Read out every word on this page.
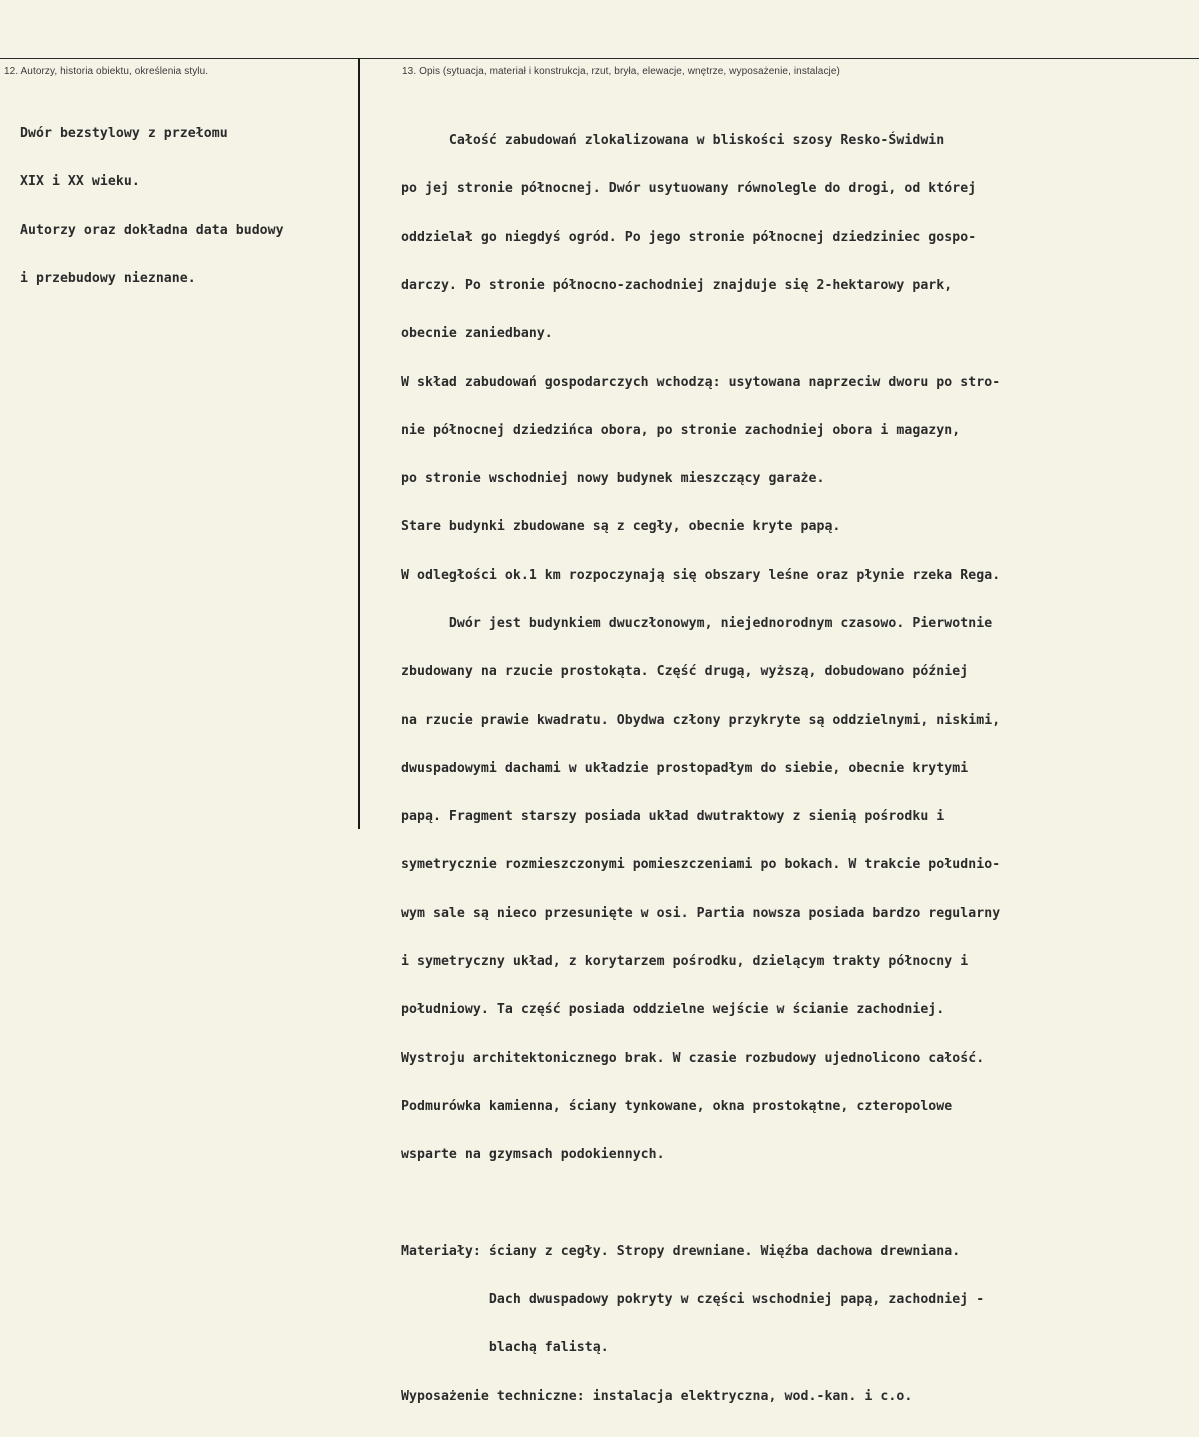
12. Autorzy, historia obiektu, określenia stylu.	13. Opis (sytuacja, materiał i konstrukcja, rzut, bryła, elewacje, wnętrze, wyposażenie, instalacje)

Dwór bezstylowy z przełomu

XIX i XX wieku.

Autorzy oraz dokładna data budowy

i przebudowy nieznane.

Całość zabudowań zlokalizowana w bliskości szosy Resko-Świdwin

po jej stronie północnej. Dwór usytuowany równolegle do drogi, od której

oddzielał go niegdyś ogród. Po jego stronie północnej dziedziniec gospo-

darczy. Po stronie północno-zachodniej znajduje się 2-hektarowy park,

obecnie zaniedbany.

W skład zabudowań gospodarczych wchodzą: usytowana naprzeciw dworu po stro-

nie północnej dziedzińca obora, po stronie zachodniej obora i magazyn,

po stronie wschodniej nowy budynek mieszczący garaże.

Stare budynki zbudowane są z cegły, obecnie kryte papą.

W odległości ok.1 km rozpoczynają się obszary leśne oraz płynie rzeka Rega.

Dwór jest budynkiem dwuczłonowym, niejednorodnym czasowo. Pierwotnie

zbudowany na rzucie prostokąta. Część drugą, wyższą, dobudowano później

na rzucie prawie kwadratu. Obydwa człony przykryte są oddzielnymi, niskimi,

dwuspadowymi dachami w układzie prostopadłym do siebie, obecnie krytymi

papą. Fragment starszy posiada układ dwutraktowy z sienią pośrodku i

symetrycznie rozmieszczonymi pomieszczeniami po bokach. W trakcie południo-

wym sale są nieco przesunięte w osi. Partia nowsza posiada bardzo regularny

i symetryczny układ, z korytarzem pośrodku, dzielącym trakty północny i

południowy. Ta część posiada oddzielne wejście w ścianie zachodniej.

Wystroju architektonicznego brak. W czasie rozbudowy ujednolicono całość.

Podmurówka kamienna, ściany tynkowane, okna prostokątne, czteropolowe

wsparte na gzymsach podokiennych.

Materiały: ściany z cegły. Stropy drewniane. Więźba dachowa drewniana.

Dach dwuspadowy pokryty w części wschodniej papą, zachodniej -

blachą falistą.

Wyposażenie techniczne: instalacja elektryczna, wod.-kan. i c.o.
